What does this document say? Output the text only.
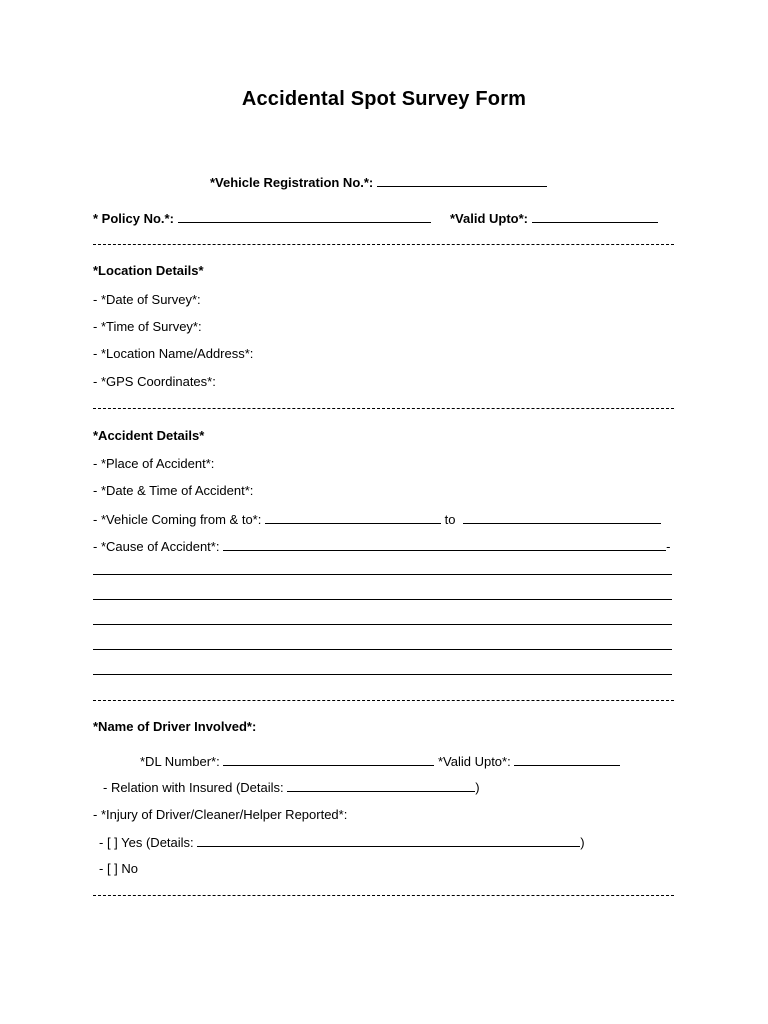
Accidental Spot Survey Form
*Vehicle Registration No.*:
* Policy No.*:	*Valid Upto*:
*Location Details*
- *Date of Survey*:
- *Time of Survey*:
- *Location Name/Address*:
- *GPS Coordinates*:
*Accident Details*
- *Place of Accident*:
- *Date & Time of Accident*:
- *Vehicle Coming from & to*:	to
- *Cause of Accident*:	-
*Name of Driver Involved*:
*DL Number*:	*Valid Upto*:
- Relation with Insured (Details:	)
- *Injury of Driver/Cleaner/Helper Reported*:
- [ ] Yes (Details:	)
- [ ] No
